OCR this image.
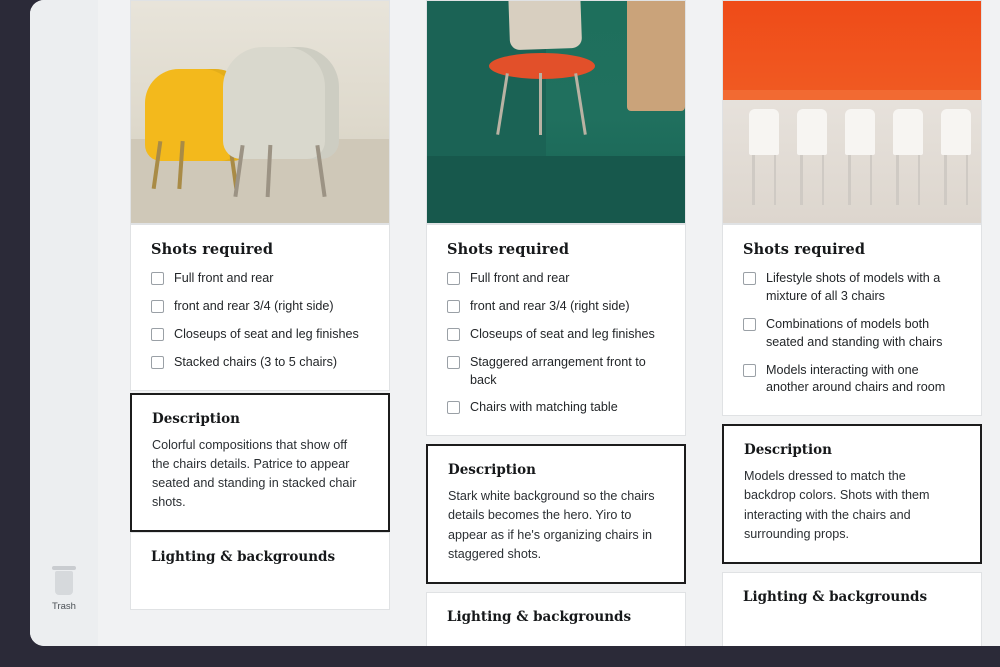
Trash
Shots required
Full front and rear
front and rear 3/4 (right side)
Closeups of seat and leg finishes
Stacked chairs (3 to 5 chairs)
Description
Colorful compositions that show off the chairs details. Patrice to appear seated and standing in stacked chair shots.
Lighting & backgrounds
Shots required
Full front and rear
front and rear 3/4 (right side)
Closeups of seat and leg finishes
Staggered arrangement front to back
Chairs with matching table
Description
Stark white background so the chairs details becomes the hero. Yiro to appear as if he's organizing chairs in staggered shots.
Lighting & backgrounds
Shots required
Lifestyle shots of models with a mixture of all 3 chairs
Combinations of models both seated and standing with chairs
Models interacting with one another around chairs and room
Description
Models dressed to match the backdrop colors. Shots with them interacting with the chairs and surrounding props.
Lighting & backgrounds
